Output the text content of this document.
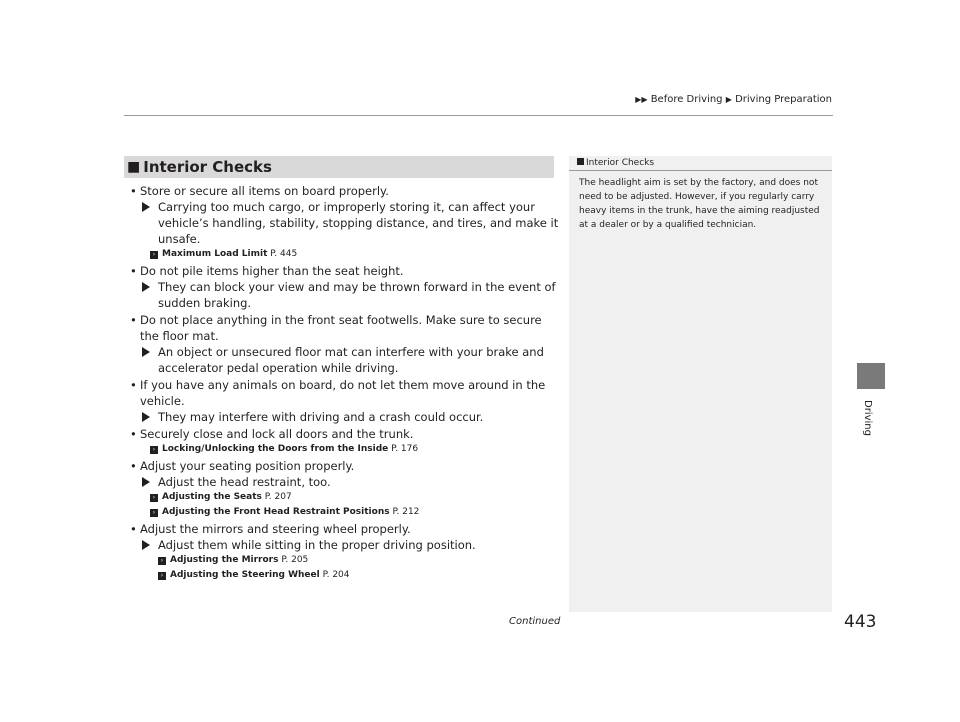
▶▶ Before Driving ▶ Driving Preparation
Driving
■ Interior Checks
• Store or secure all items on board properly.
Carrying too much cargo, or improperly storing it, can affect your vehicle’s handling, stability, stopping distance, and tires, and make it unsafe.
› Maximum Load Limit P. 445
• Do not pile items higher than the seat height.
They can block your view and may be thrown forward in the event of sudden braking.
• Do not place anything in the front seat footwells. Make sure to secure the floor mat.
An object or unsecured floor mat can interfere with your brake and accelerator pedal operation while driving.
• If you have any animals on board, do not let them move around in the vehicle.
They may interfere with driving and a crash could occur.
• Securely close and lock all doors and the trunk.
› Locking/Unlocking the Doors from the Inside P. 176
• Adjust your seating position properly.
Adjust the head restraint, too.
› Adjusting the Seats P. 207
› Adjusting the Front Head Restraint Positions P. 212
• Adjust the mirrors and steering wheel properly.
Adjust them while sitting in the proper driving position.
› Adjusting the Mirrors P. 205
› Adjusting the Steering Wheel P. 204
Interior Checks
The headlight aim is set by the factory, and does not need to be adjusted. However, if you regularly carry heavy items in the trunk, have the aiming readjusted at a dealer or by a qualified technician.
Continued	443
